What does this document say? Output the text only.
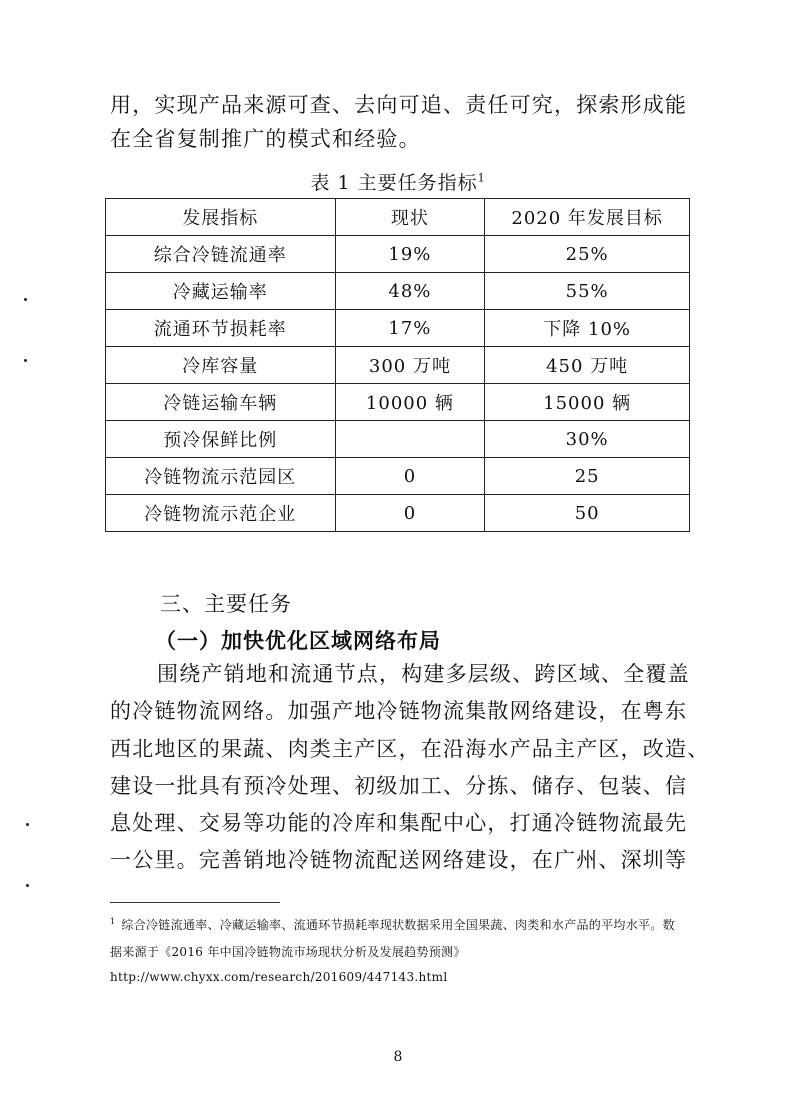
用，实现产品来源可查、去向可追、责任可究，探索形成能
在全省复制推广的模式和经验。
表 1 主要任务指标$^1$
发展指标	现状	2020 年发展目标
综合冷链流通率	19%	25%
冷藏运输率	48%	55%
流通环节损耗率	17%	下降 10%
冷库容量	300 万吨	450 万吨
冷链运输车辆	10000 辆	15000 辆
预冷保鲜比例		30%
冷链物流示范园区	0	25
冷链物流示范企业	0	50
三、主要任务
（一）加快优化区域网络布局
围绕产销地和流通节点，构建多层级、跨区域、全覆盖
的冷链物流网络。加强产地冷链物流集散网络建设，在粤东
西北地区的果蔬、肉类主产区，在沿海水产品主产区，改造、
建设一批具有预冷处理、初级加工、分拣、储存、包装、信
息处理、交易等功能的冷库和集配中心，打通冷链物流最先
一公里。完善销地冷链物流配送网络建设，在广州、深圳等
$^1$ 综合冷链流通率、冷藏运输率、流通环节损耗率现状数据采用全国果蔬、肉类和水产品的平均水平。数
据来源于《2016 年中国冷链物流市场现状分析及发展趋势预测》
http://www.chyxx.com/research/201609/447143.html
8
